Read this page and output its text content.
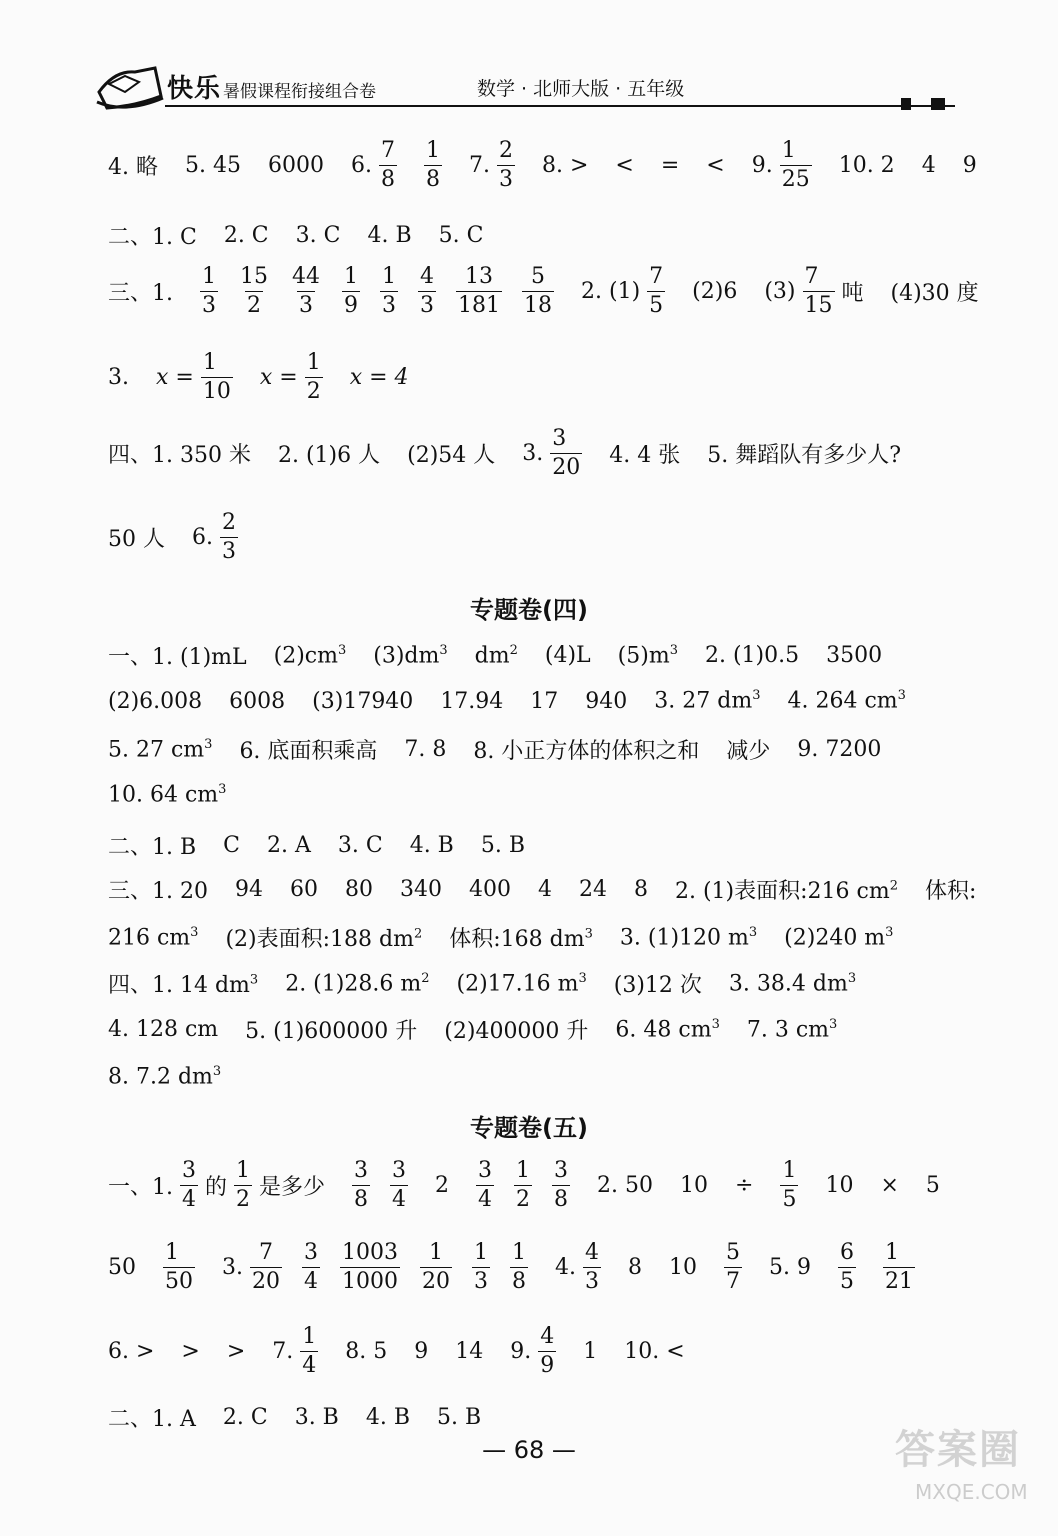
快乐 暑假课程衔接组合卷	数学 · 北师大版 · 五年级
4. 略 5. 45 6000 6. $\frac{7}{8}$
$\frac{1}{8} 7$. $\frac{2}{3} 8$. > < = < 9. $\frac{1}{25} 10$. 2 4 9
二、1. C 2. C 3. C 4. B 5. C
三、1. $\frac{1}{3} \frac{15}{2} \frac{44}{3} \frac{1}{9} \frac{1}{3} \frac{4}{3} \frac{13}{181} \frac{5}{18} 2$. $(1) \frac{7}{5} (2)6$ $(3) \frac{7}{15}$ 吨 (4)30 度
3. $x = \frac{1}{10}$ $x = \frac{1}{2}$ x = 4
四、1. 350 米 2. (1)6 人 (2)54 人 3. $\frac{3}{20} 4$. 4 张 5. 舞蹈队有多少人?
50 人 6. $\frac{2}{3}$
专题卷(四)
一、1. (1)mL $(2)cm^3$ $(3)dm^3$ $dm^2$ (4)L $(5)m^3$ 2. (1)0.5 3500
(2)6.008 6008 (3)17940 17.94 17 940 3. 27 $dm^3$ 4. 264 $cm^3$
5. 27 $cm^3$ 6. 底面积乘高 7. 8 8. 小正方体的体积之和 减少 9. 7200
10. 64 $cm^3$
二、1. B C 2. A 3. C 4. B 5. B
三、1. 20 94 60 80 340 400 4 24 8 2. (1)表面积:216 $cm^2$ 体积:
216 $cm^3$ (2)表面积:188 $dm^2$ 体积:168 $dm^3$ 3. (1)120 $m^3$ (2)240 $m^3$
四、1. 14 $dm^3$ 2. (1)28.6 $m^2$ (2)17.16 $m^3$ (3)12 次 3. 38.4 $dm^3$
4. 128 cm 5. (1)600000 升 (2)400000 升 6. 48 $cm^3$ 7. 3 $cm^3$
8. 7.2 $dm^3$
专题卷(五)
一、1. $\frac{3}{4}$ 的 $\frac{1}{2}$ 是多少 $\frac{3}{8} \frac{3}{4} 2 \frac{3}{4} \frac{1}{2} \frac{3}{8} 2$. 50 $10 \div \frac{1}{5} 10 \times 5$
$50 \frac{1}{50} 3$. $\frac{7}{20} \frac{3}{4} \frac{1003}{1000} \frac{1}{20} \frac{1}{3} \frac{1}{8} 4$. $\frac{4}{3} 8$ $10 \frac{5}{7} 5$. $9 \frac{6}{5}$
$\frac{1}{21}$
6. > > > 7. $\frac{1}{4} 8$. 5 9 14 9. $\frac{4}{9} 1$ 10. <
二、1. A 2. C 3. B 4. B 5. B
— 68 —	答案圈
MXQE.COM
